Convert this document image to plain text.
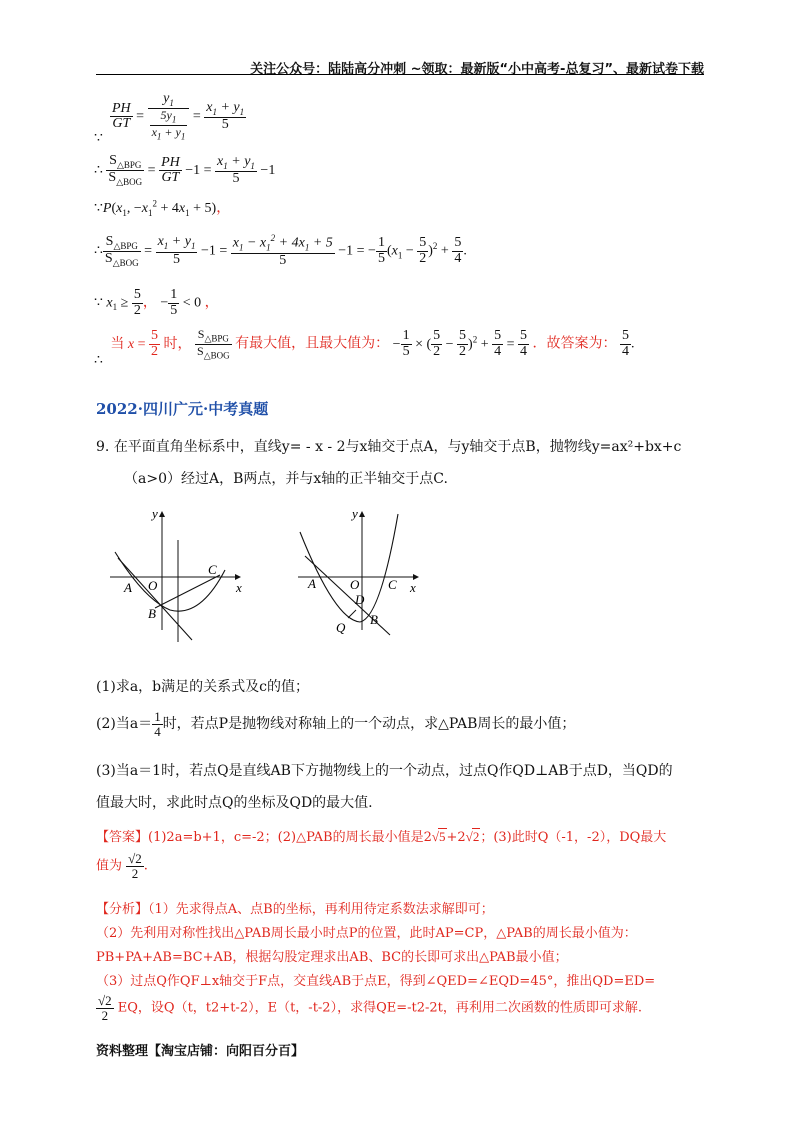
关注公众号：陆陆高分冲刺 ~领取：最新版“小中高考-总复习”、最新试卷下载
$\frac{PH}{GT} = \frac{y_1}{\frac{5y_1}{x_1 + y_1}} = \frac{x_1 + y_1}{5}$
∵
∴ $\frac{S_{\triangle BPG}}{S_{\triangle BOG}} = \frac{PH}{GT} -1 = \frac{x_1 + y_1}{5} -1$
$\because P(x_1$, $-x_1^2 + 4x_1 + 5$)，
∴ $\frac{S_{\triangle BPG}}{S_{\triangle BOG}} = \frac{x_1 + y_1}{5} -1 = \frac{x_1 - x_1^2 + 4x_1 + 5}{5} -1$ = − $\frac{1}{5} (x_1 - \frac{5}{2} )^2 + \frac{5}{4}$ .
∵ $x_1 \ge \frac{5}{2}$ ， − $\frac{1}{5} < 0$ ，
∴ 当 $x = \frac{5}{2}$ 时， $\frac{S_{\triangle BPG}}{S_{\triangle BOG}}$ 有最大值，且最大值为： − $\frac{1}{5}$ × ( $\frac{5}{2} - \frac{5}{2} )^2 + \frac{5}{4} = \frac{5}{4}$ ．故答案为： $\frac{5}{4}$ .
2022·四川广元·中考真题
9. 在平面直角坐标系中，直线y= - x - 2与x轴交于点A，与y轴交于点B，抛物线y=ax²+bx+c
（a>0）经过A，B两点，并与x轴的正半轴交于点C.
y
x
A O
B
C
y
x
A	O C
D
Q
B
(1)求a，b满足的关系式及c的值；
(2)当$a= \frac{1}{4}$ 时，若点P是抛物线对称轴上的一个动点，求△PAB周长的最小值；
(3)当a＝1时，若点Q是直线AB下方抛物线上的一个动点，过点Q作QD⊥AB于点D，当QD的
值最大时，求此时点Q的坐标及QD的最大值.
【答案】(1)2a=b+1，c=-2；(2)△PAB的周长最小值是2√5+2√2；(3)此时Q（-1，-2），DQ最大
值为 $\frac{√2}{2}$ .
【分析】（1）先求得点A、点B的坐标，再利用待定系数法求解即可；
（2）先利用对称性找出△PAB周长最小时点P的位置，此时AP=CP，△PAB的周长最小值为：
PB+PA+AB=BC+AB，根据勾股定理求出AB、BC的长即可求出△PAB最小值；
（3）过点Q作QF⊥x轴交于F点，交直线AB于点E，得到∠QED=∠EQD=45°，推出QD=ED=
$\frac{√2}{2}$ EQ，设Q（t，t2+t-2），E（t，-t-2），求得QE=-t2-2t，再利用二次函数的性质即可求解.
资料整理【淘宝店铺：向阳百分百】
